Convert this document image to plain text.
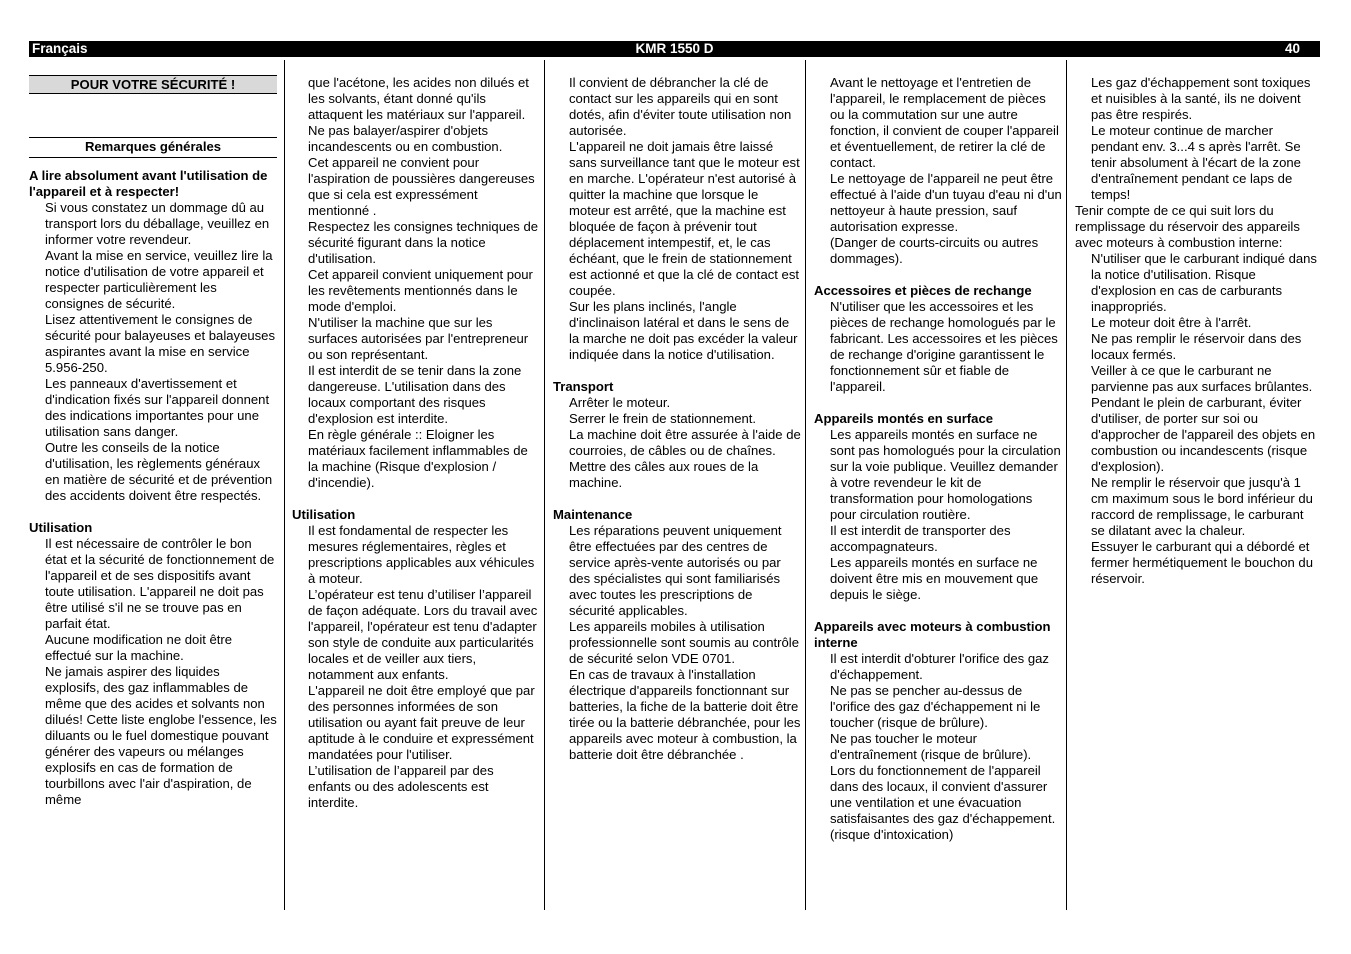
Français	KMR 1550 D	40
POUR VOTRE SÉCURITÉ !
Remarques générales

A lire absolument avant l'utilisation de l'appareil et à respecter!

Si vous constatez un dommage dû au transport lors du déballage, veuillez en informer votre revendeur.

Avant la mise en service, veuillez lire la notice d'utilisation de votre appareil et respecter particulièrement les consignes de sécurité.

Lisez attentivement le consignes de sécurité pour balayeuses et balayeuses aspirantes avant la mise en service 5.956-250.

Les panneaux d'avertissement et d'indication fixés sur l'appareil donnent des indications importantes pour une utilisation sans danger.

Outre les conseils de la notice d'utilisation, les règlements généraux en matière de sécurité et de prévention des accidents doivent être respectés.

Utilisation

Il est nécessaire de contrôler le bon état et la sécurité de fonctionnement de l'appareil et de ses dispositifs avant toute utilisation. L'appareil ne doit pas être utilisé s'il ne se trouve pas en parfait état.

Aucune modification ne doit être effectué sur la machine.

Ne jamais aspirer des liquides explosifs, des gaz inflammables de même que des acides et solvants non dilués! Cette liste englobe l'essence, les diluants ou le fuel domestique pouvant générer des vapeurs ou mélanges explosifs en cas de formation de tourbillons avec l'air d'aspiration, de même

que l'acétone, les acides non dilués et les solvants, étant donné qu'ils attaquent les matériaux sur l'appareil.

Ne pas balayer/aspirer d'objets incandescents ou en combustion.

Cet appareil ne convient pour l'aspiration de poussières dangereuses que si cela est expressément mentionné .

Respectez les consignes techniques de sécurité figurant dans la notice d'utilisation.

Cet appareil convient uniquement pour les revêtements mentionnés dans le mode d'emploi.

N'utiliser la machine que sur les surfaces autorisées par l'entrepreneur ou son représentant.

Il est interdit de se tenir dans la zone dangereuse. L'utilisation dans des locaux comportant des risques d'explosion est interdite.

En règle générale :: Eloigner les matériaux facilement inflammables de la machine (Risque d'explosion / d'incendie).

Utilisation

Il est fondamental de respecter les mesures réglementaires, règles et prescriptions applicables aux véhicules à moteur.

L’opérateur est tenu d’utiliser l’appareil de façon adéquate. Lors du travail avec l'appareil, l'opérateur est tenu d'adapter son style de conduite aux particularités locales et de veiller aux tiers, notamment aux enfants.

L'appareil ne doit être employé que par des personnes informées de son utilisation ou ayant fait preuve de leur aptitude à le conduire et expressément mandatées pour l'utiliser.

L’utilisation de l’appareil par des enfants ou des adolescents est interdite.

Il convient de débrancher la clé de contact sur les appareils qui en sont dotés, afin d'éviter toute utilisation non autorisée.

L'appareil ne doit jamais être laissé sans surveillance tant que le moteur est en marche. L'opérateur n'est autorisé à quitter la machine que lorsque le moteur est arrêté, que la machine est bloquée de façon à prévenir tout déplacement intempestif, et, le cas échéant, que le frein de stationnement est actionné et que la clé de contact est coupée.

Sur les plans inclinés, l'angle d'inclinaison latéral et dans le sens de la marche ne doit pas excéder la valeur indiquée dans la notice d'utilisation.

Transport

Arrêter le moteur.

Serrer le frein de stationnement.

La machine doit être assurée à l'aide de courroies, de câbles ou de chaînes.

Mettre des câles aux roues de la machine.

Maintenance

Les réparations peuvent uniquement être effectuées par des centres de service après-vente autorisés ou par des spécialistes qui sont familiarisés avec toutes les prescriptions de sécurité applicables.

Les appareils mobiles à utilisation professionnelle sont soumis au contrôle de sécurité selon VDE 0701.

En cas de travaux à l'installation électrique d'appareils fonctionnant sur batteries, la fiche de la batterie doit être tirée ou la batterie débranchée, pour les appareils avec moteur à combustion, la batterie doit être débranchée .

Avant le nettoyage et l'entretien de l'appareil, le remplacement de pièces ou la commutation sur une autre fonction, il convient de couper l'appareil et éventuellement, de retirer la clé de contact.

Le nettoyage de l'appareil ne peut être effectué à l'aide d'un tuyau d'eau ni d'un nettoyeur à haute pression, sauf autorisation expresse.

(Danger de courts-circuits ou autres dommages).

Accessoires et pièces de rechange

N'utiliser que les accessoires et les pièces de rechange homologués par le fabricant. Les accessoires et les pièces de rechange d'origine garantissent le fonctionnement sûr et fiable de l'appareil.

Appareils montés en surface

Les appareils montés en surface ne sont pas homologués pour la circulation sur la voie publique. Veuillez demander à votre revendeur le kit de transformation pour homologations pour circulation routière.

Il est interdit de transporter des accompagnateurs.

Les appareils montés en surface ne doivent être mis en mouvement que depuis le siège.

Appareils avec moteurs à combustion interne

Il est interdit d'obturer l'orifice des gaz d'échappement.

Ne pas se pencher au-dessus de l'orifice des gaz d'échappement ni le toucher (risque de brûlure).

Ne pas toucher le moteur d'entraînement (risque de brûlure).

Lors du fonctionnement de l'appareil dans des locaux, il convient d'assurer une ventilation et une évacuation satisfaisantes des gaz d'échappement. (risque d'intoxication)

Les gaz d'échappement sont toxiques et nuisibles à la santé, ils ne doivent pas être respirés.

Le moteur continue de marcher pendant env. 3...4 s après l'arrêt. Se tenir absolument à l'écart de la zone d'entraînement pendant ce laps de temps!

Tenir compte de ce qui suit lors du remplissage du réservoir des appareils avec moteurs à combustion interne:

N'utiliser que le carburant indiqué dans la notice d'utilisation. Risque d'explosion en cas de carburants inappropriés.

Le moteur doit être à l'arrêt.

Ne pas remplir le réservoir dans des locaux fermés.

Veiller à ce que le carburant ne parvienne pas aux surfaces brûlantes.

Pendant le plein de carburant, éviter d'utiliser, de porter sur soi ou d'approcher de l'appareil des objets en combustion ou incandescents (risque d'explosion).

Ne remplir le réservoir que jusqu'à 1 cm maximum sous le bord inférieur du raccord de remplissage, le carburant se dilatant avec la chaleur.

Essuyer le carburant qui a débordé et fermer hermétiquement le bouchon du réservoir.
